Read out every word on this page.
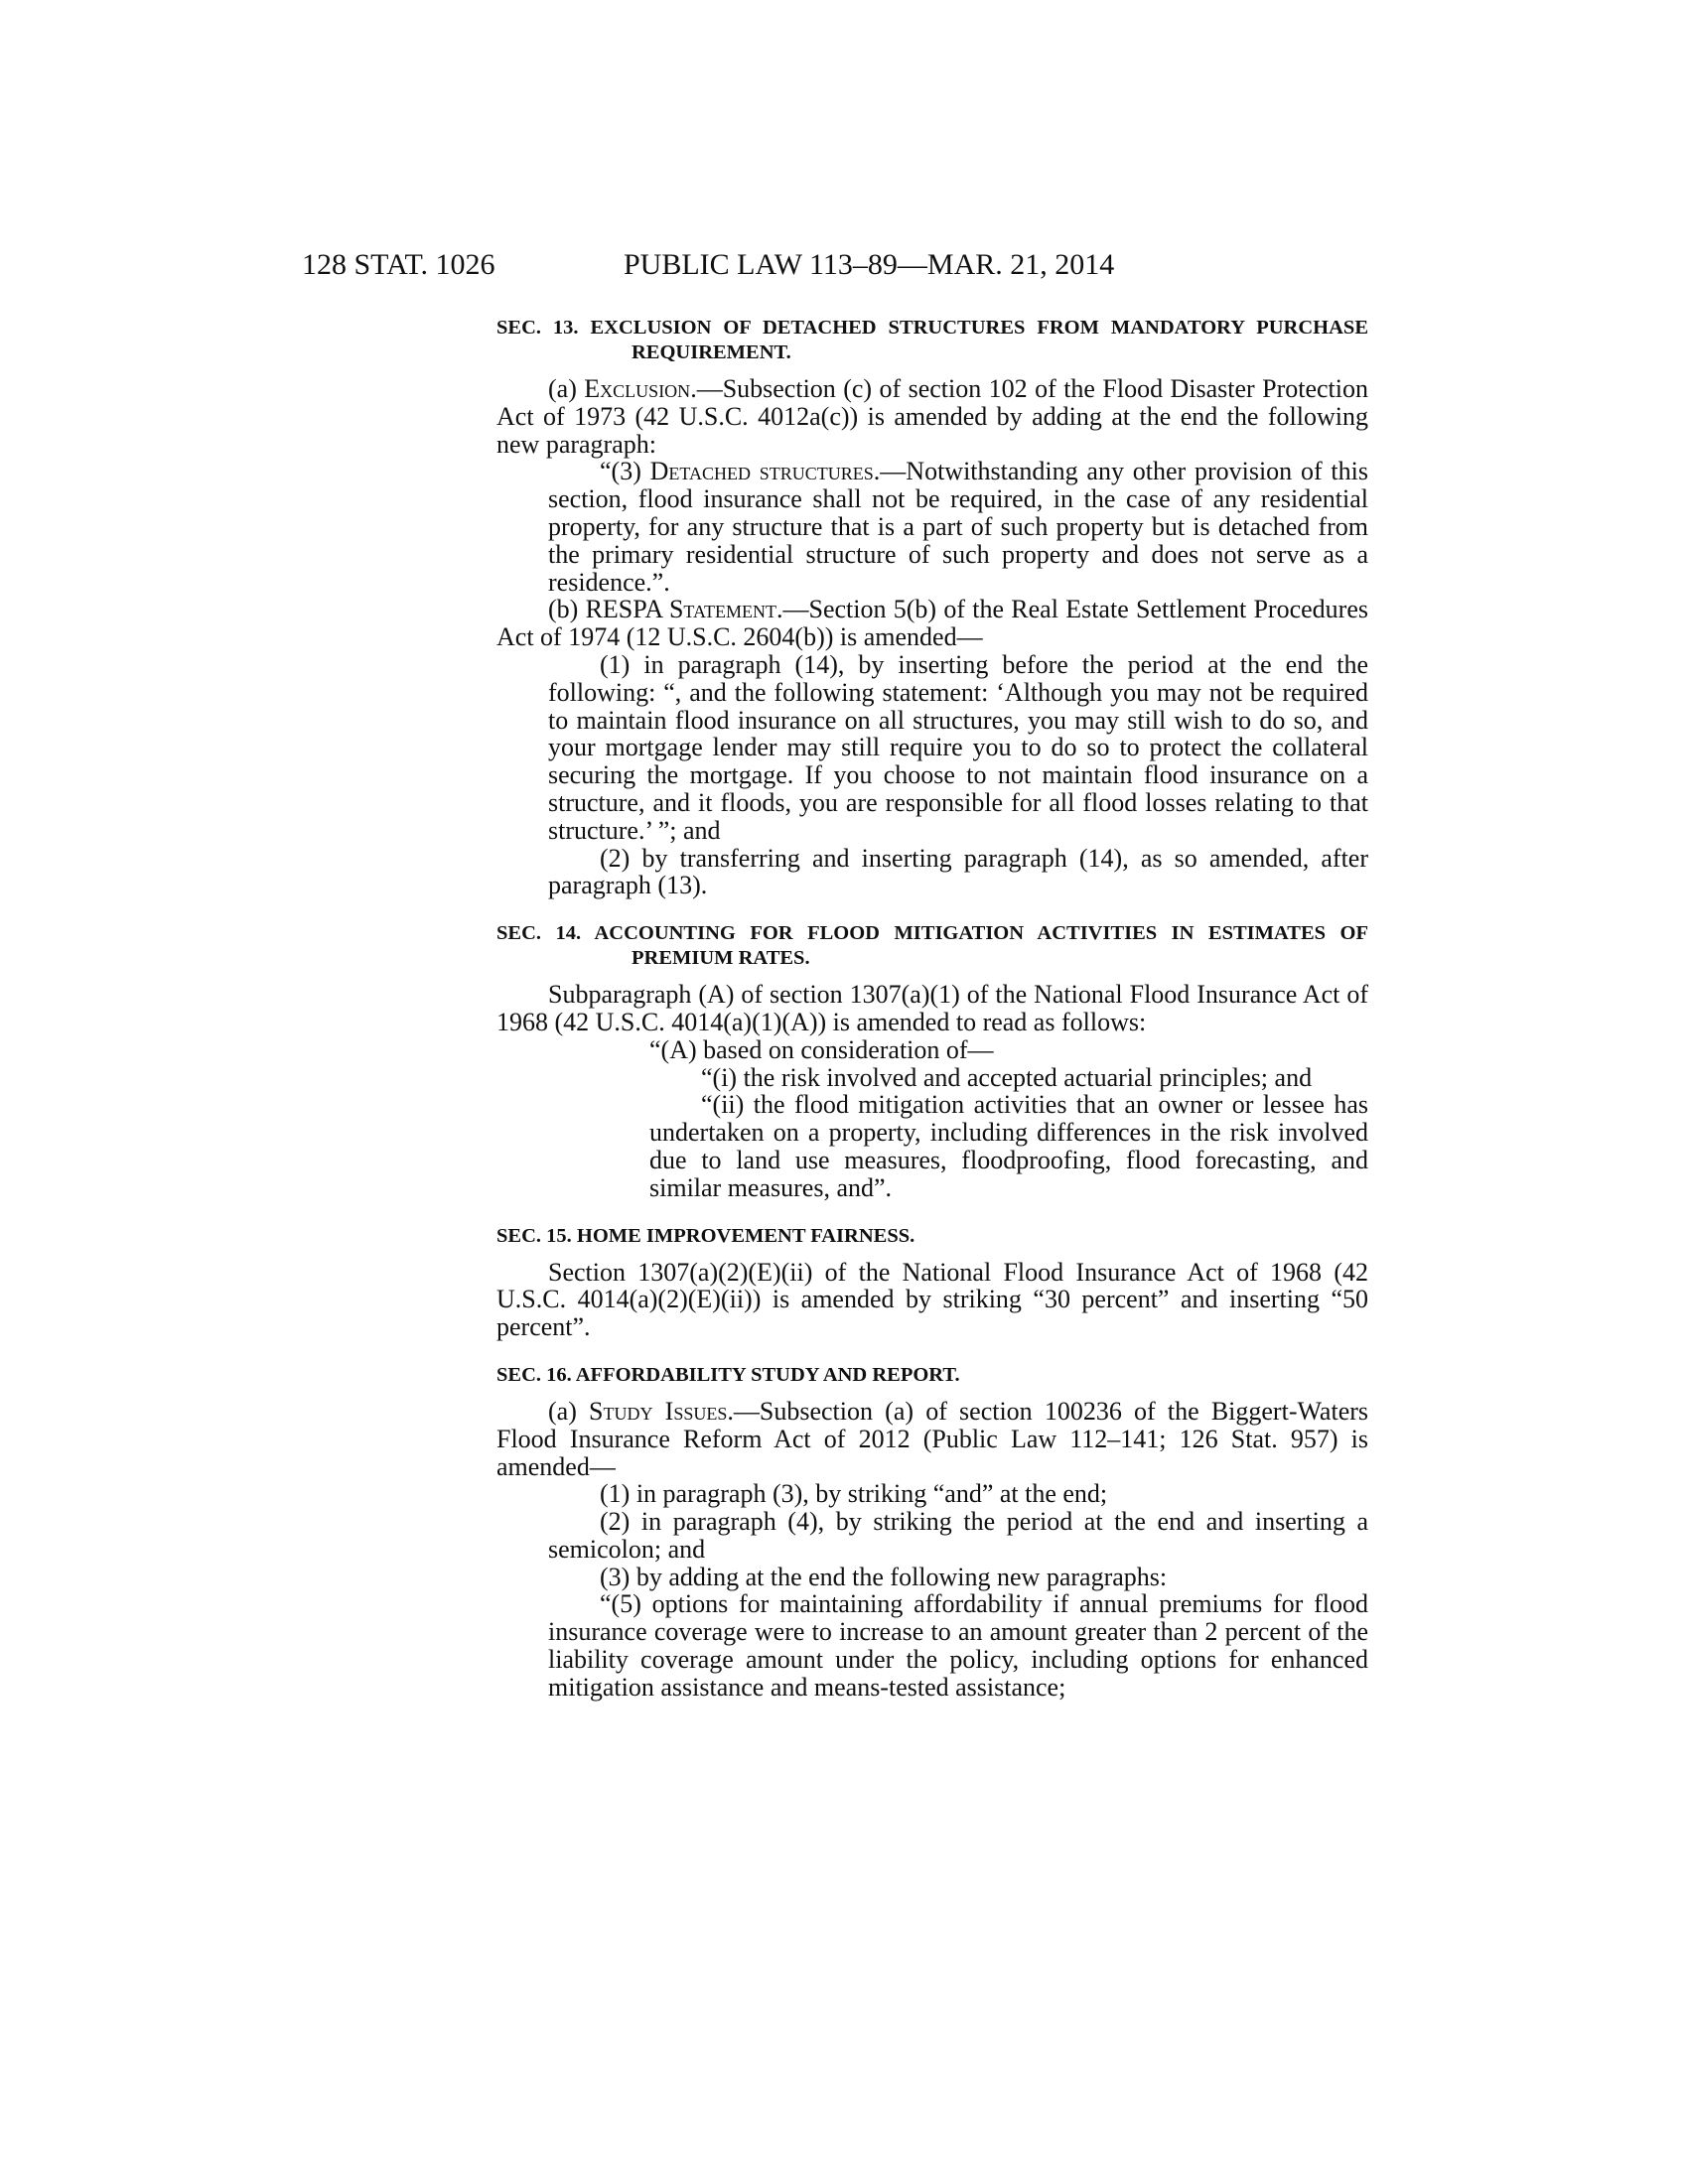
128 STAT. 1026	PUBLIC LAW 113–89—MAR. 21, 2014
SEC. 13. EXCLUSION OF DETACHED STRUCTURES FROM MANDATORY PURCHASE REQUIREMENT.

(a) Exclusion.—Subsection (c) of section 102 of the Flood Disaster Protection Act of 1973 (42 U.S.C. 4012a(c)) is amended by adding at the end the following new paragraph:

“(3) Detached structures.—Notwithstanding any other provision of this section, flood insurance shall not be required, in the case of any residential property, for any structure that is a part of such property but is detached from the primary residential structure of such property and does not serve as a residence.”.

(b) RESPA Statement.—Section 5(b) of the Real Estate Settlement Procedures Act of 1974 (12 U.S.C. 2604(b)) is amended—

(1) in paragraph (14), by inserting before the period at the end the following: “, and the following statement: ‘Although you may not be required to maintain flood insurance on all structures, you may still wish to do so, and your mortgage lender may still require you to do so to protect the collateral securing the mortgage. If you choose to not maintain flood insurance on a structure, and it floods, you are responsible for all flood losses relating to that structure.’ ”; and

(2) by transferring and inserting paragraph (14), as so amended, after paragraph (13).

SEC. 14. ACCOUNTING FOR FLOOD MITIGATION ACTIVITIES IN ESTIMATES OF PREMIUM RATES.

Subparagraph (A) of section 1307(a)(1) of the National Flood Insurance Act of 1968 (42 U.S.C. 4014(a)(1)(A)) is amended to read as follows:

“(A) based on consideration of—

“(i) the risk involved and accepted actuarial principles; and

“(ii) the flood mitigation activities that an owner or lessee has undertaken on a property, including differences in the risk involved due to land use measures, floodproofing, flood forecasting, and similar measures, and”.

SEC. 15. HOME IMPROVEMENT FAIRNESS.

Section 1307(a)(2)(E)(ii) of the National Flood Insurance Act of 1968 (42 U.S.C. 4014(a)(2)(E)(ii)) is amended by striking “30 percent” and inserting “50 percent”.

SEC. 16. AFFORDABILITY STUDY AND REPORT.

(a) Study Issues.—Subsection (a) of section 100236 of the Biggert-Waters Flood Insurance Reform Act of 2012 (Public Law 112–141; 126 Stat. 957) is amended—

(1) in paragraph (3), by striking “and” at the end;

(2) in paragraph (4), by striking the period at the end and inserting a semicolon; and

(3) by adding at the end the following new paragraphs:

“(5) options for maintaining affordability if annual premiums for flood insurance coverage were to increase to an amount greater than 2 percent of the liability coverage amount under the policy, including options for enhanced mitigation assistance and means-tested assistance;
